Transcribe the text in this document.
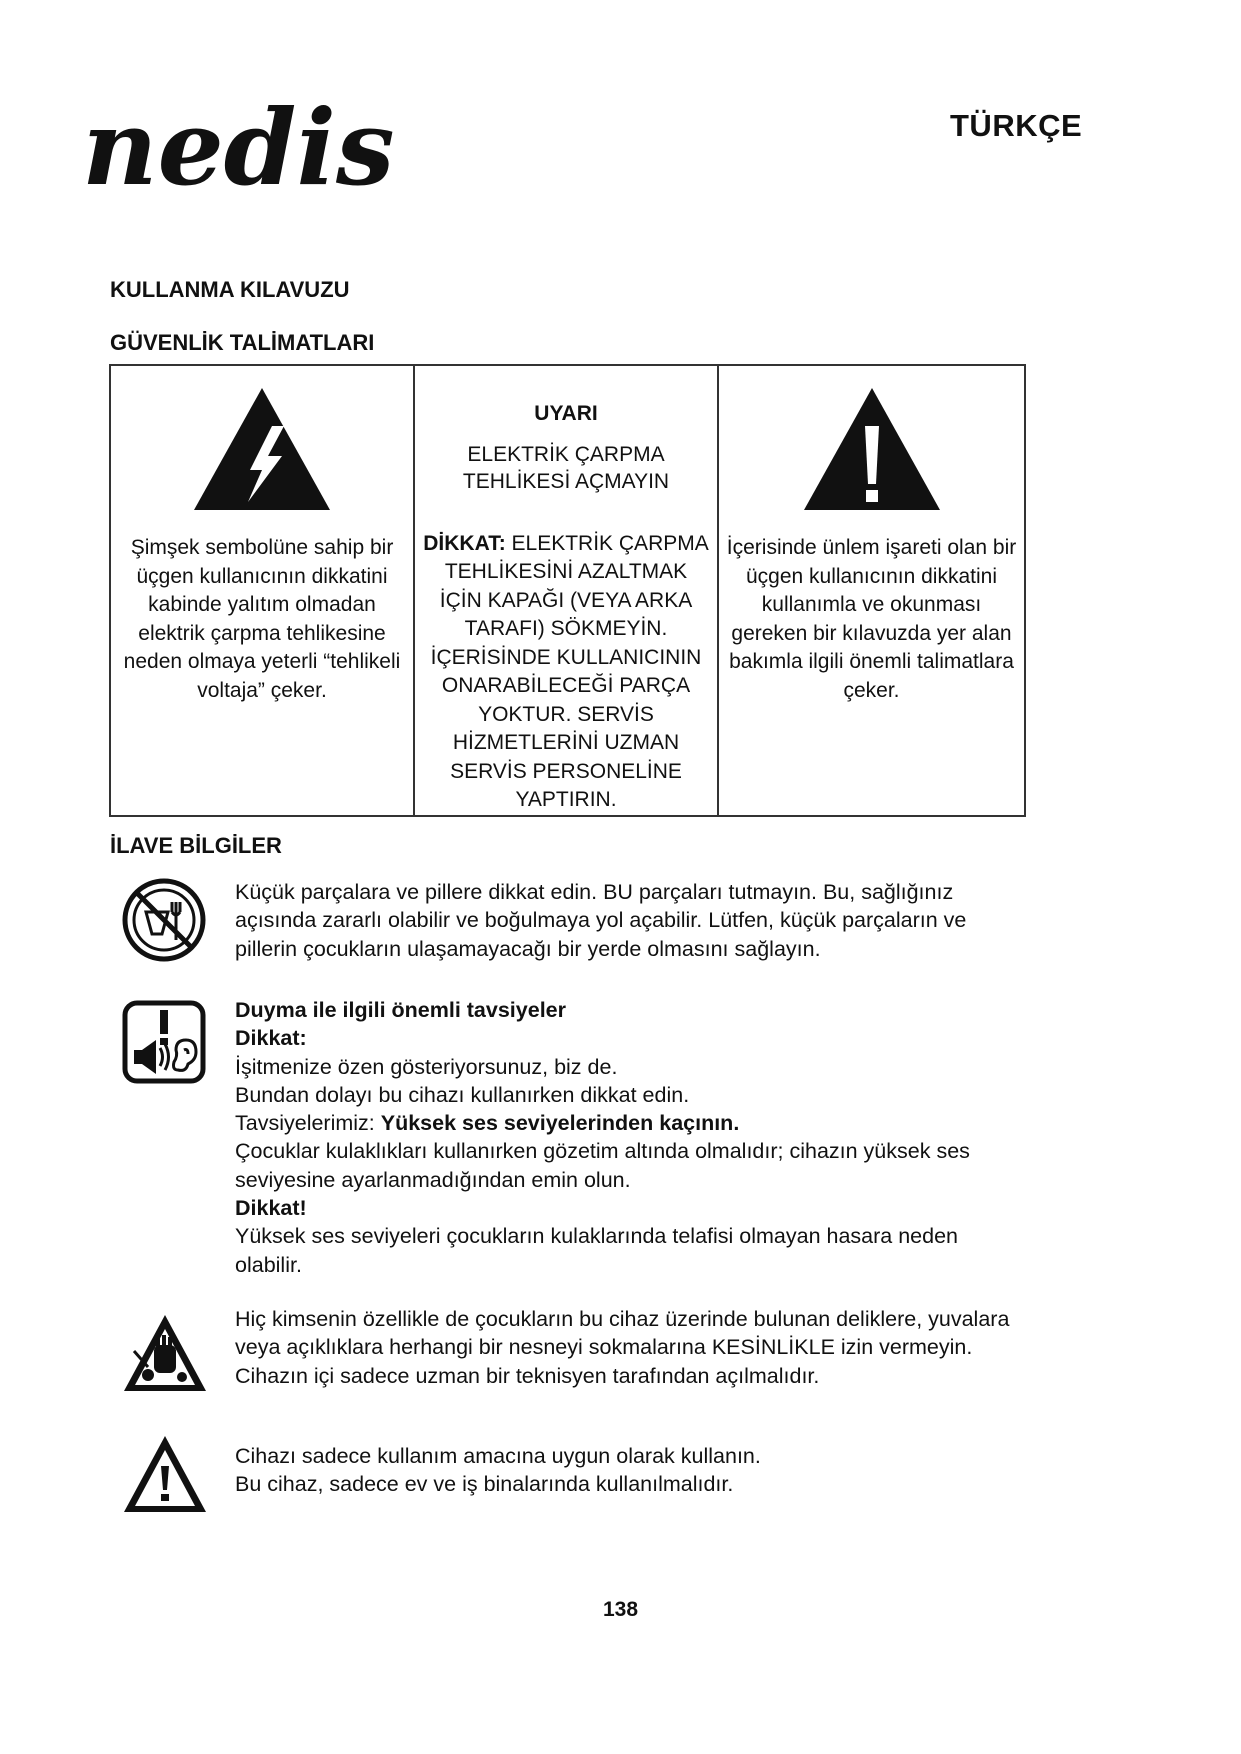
nedis	TÜRKÇE
KULLANMA KILAVUZU
GÜVENLİK TALİMATLARI
Şimşek sembolüne sahip bir üçgen kullanıcının dikkatini kabinde yalıtım olmadan elektrik çarpma tehlikesine neden olmaya yeterli “tehlikeli voltaja” çeker.

UYARI
ELEKTRİK ÇARPMA TEHLİKESİ AÇMAYIN
DİKKAT: ELEKTRİK ÇARPMA TEHLİKESİNİ AZALTMAK İÇİN KAPAĞI (VEYA ARKA TARAFI) SÖKMEYİN. İÇERİSİNDE KULLANICININ ONARABİLECEĞİ PARÇA YOKTUR. SERVİS HİZMETLERİNİ UZMAN SERVİS PERSONELİNE YAPTIRIN.

İçerisinde ünlem işareti olan bir üçgen kullanıcının dikkatini kullanımla ve okunması gereken bir kılavuzda yer alan bakımla ilgili önemli talimatlara çeker.
İLAVE BİLGİLER
Küçük parçalara ve pillere dikkat edin. BU parçaları tutmayın. Bu, sağlığınız açısında zararlı olabilir ve boğulmaya yol açabilir. Lütfen, küçük parçaların ve pillerin çocukların ulaşamayacağı bir yerde olmasını sağlayın.
Duyma ile ilgili önemli tavsiyeler
Dikkat:
İşitmenize özen gösteriyorsunuz, biz de.
Bundan dolayı bu cihazı kullanırken dikkat edin.
Tavsiyelerimiz: Yüksek ses seviyelerinden kaçının.
Çocuklar kulaklıkları kullanırken gözetim altında olmalıdır; cihazın yüksek ses seviyesine ayarlanmadığından emin olun.
Dikkat!
Yüksek ses seviyeleri çocukların kulaklarında telafisi olmayan hasara neden olabilir.
Hiç kimsenin özellikle de çocukların bu cihaz üzerinde bulunan deliklere, yuvalara veya açıklıklara herhangi bir nesneyi sokmalarına KESİNLİKLE izin vermeyin. Cihazın içi sadece uzman bir teknisyen tarafından açılmalıdır.
Cihazı sadece kullanım amacına uygun olarak kullanın.
Bu cihaz, sadece ev ve iş binalarında kullanılmalıdır.
138
